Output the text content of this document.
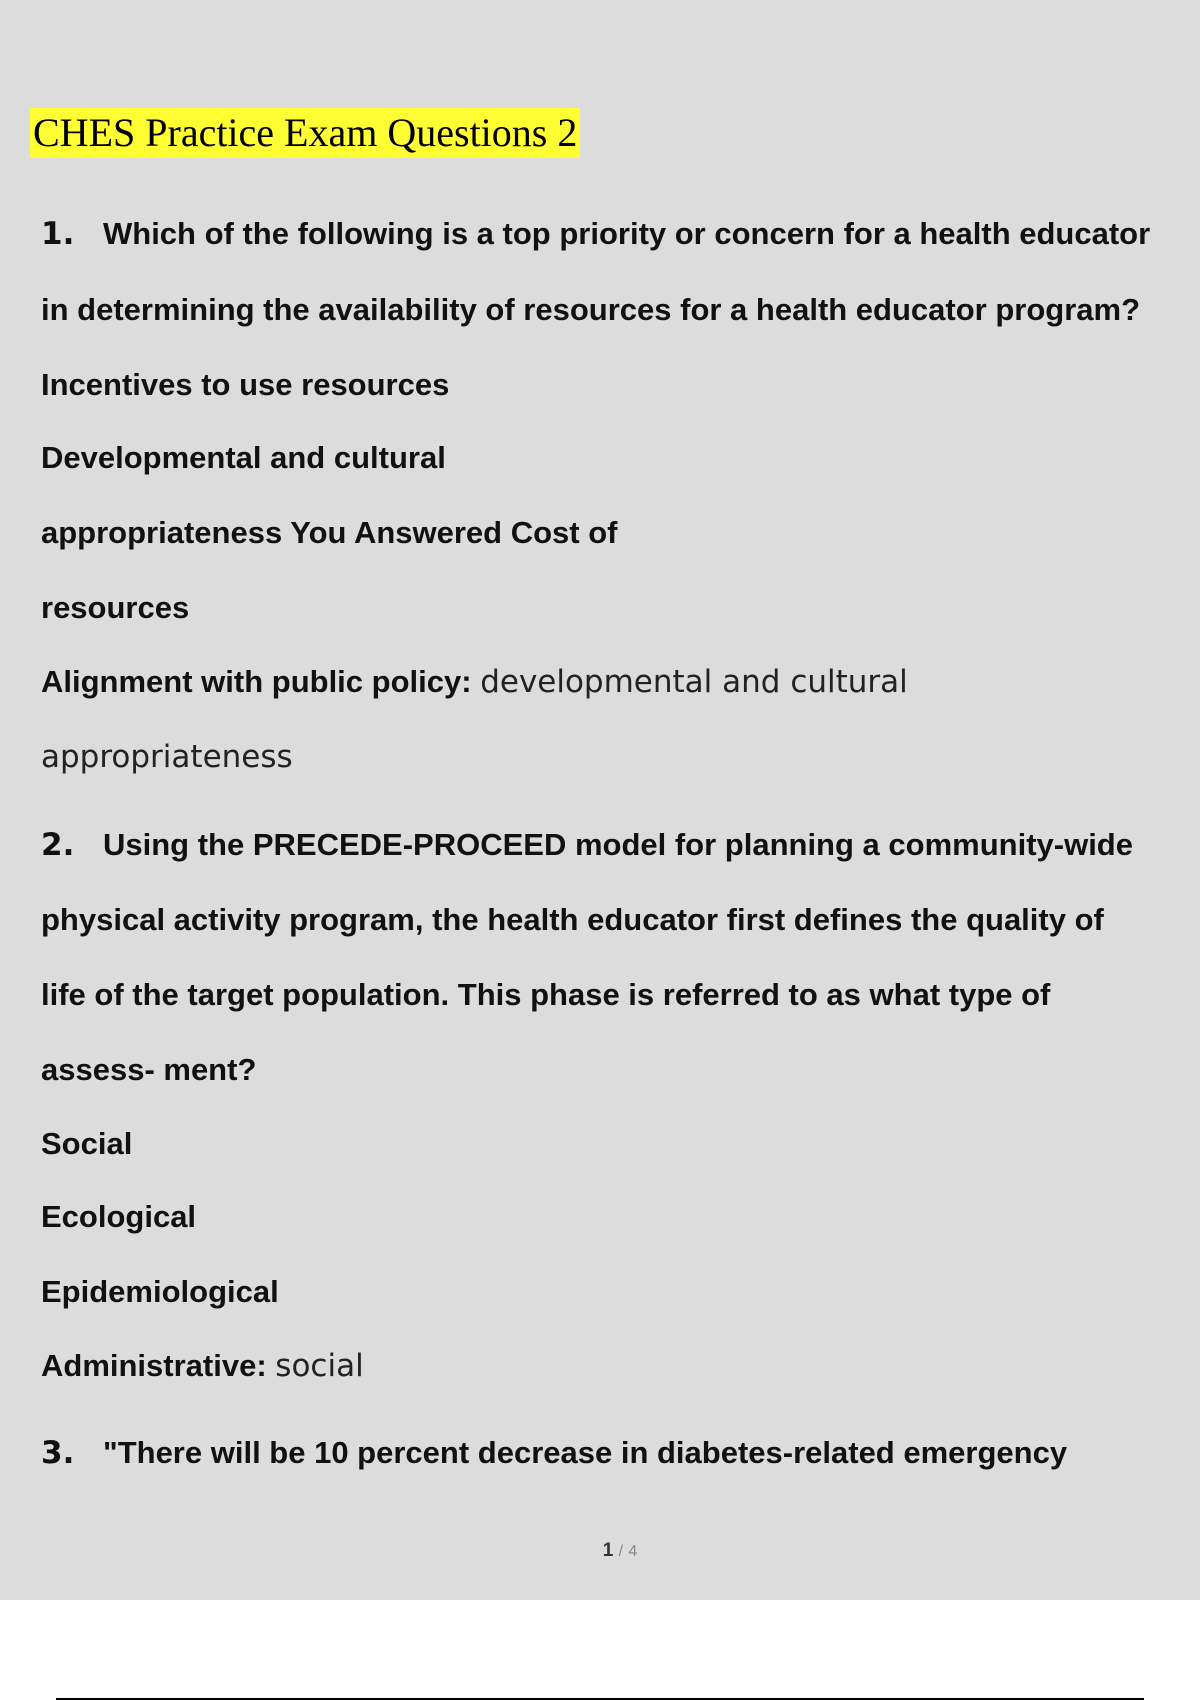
CHES Practice Exam Questions 2
1. Which of the following is a top priority or concern for a health educator
in determining the availability of resources for a health educator program?
Incentives to use resources
Developmental and cultural
appropriateness You Answered Cost of
resources
Alignment with public policy: developmental and cultural
appropriateness
2. Using the PRECEDE-PROCEED model for planning a community-wide
physical activity program, the health educator first defines the quality of
life of the target population. This phase is referred to as what type of
assess- ment?
Social
Ecological
Epidemiological
Administrative: social
3. "There will be 10 percent decrease in diabetes-related emergency
1 / 4
